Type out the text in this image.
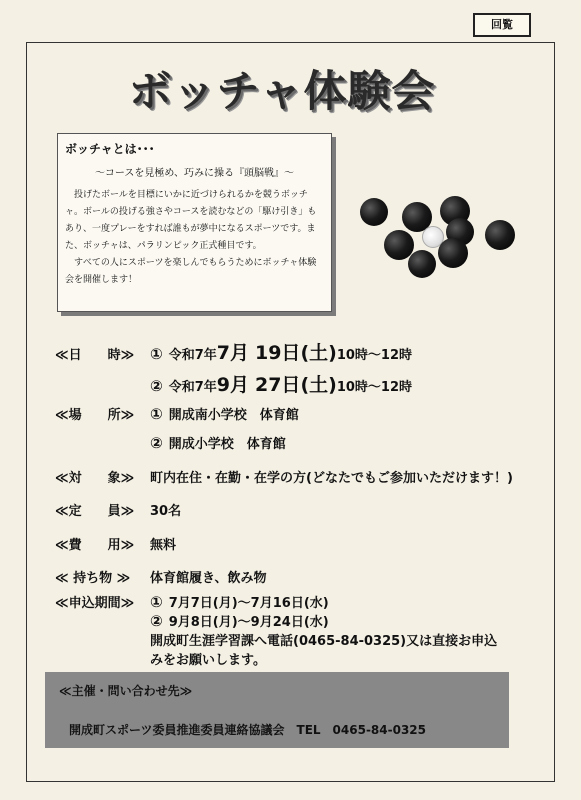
回覧
ボッチャ体験会
ボッチャとは･･･
～コースを見極め、巧みに操る『頭脳戦』～

投げたボールを目標にいかに近づけられるかを競うボッチャ。ボールの投げる強さやコースを読むなどの「駆け引き」もあり、一度プレーをすれば誰もが夢中になるスポーツです。また、ボッチャは、パラリンピック正式種目です。

すべての人にスポーツを楽しんでもらうためにボッチャ体験会を開催します！

≪日　　時≫	① 令和7年 7月 19日 (土) 10時～12時
② 令和7年 9月 27日 (土) 10時～12時
≪場　　所≫	① 開成南小学校　体育館
② 開成小学校　体育館
≪対　　象≫	町内在住・在勤・在学の方(どなたでもご参加いただけます！)
≪定　　員≫	30名
≪費　　用≫	無料
≪ 持ち物 ≫	体育館履き、飲み物
≪申込期間≫	① 7月7日(月)～7月16日(水)
② 9月8日(月)～9月24日(水)
開成町生涯学習課へ電話(0465-84-0325)又は直接お申込
みをお願いします。
≪主催・問い合わせ先≫
開成町スポーツ委員推進委員連絡協議会　TEL　0465-84-0325
